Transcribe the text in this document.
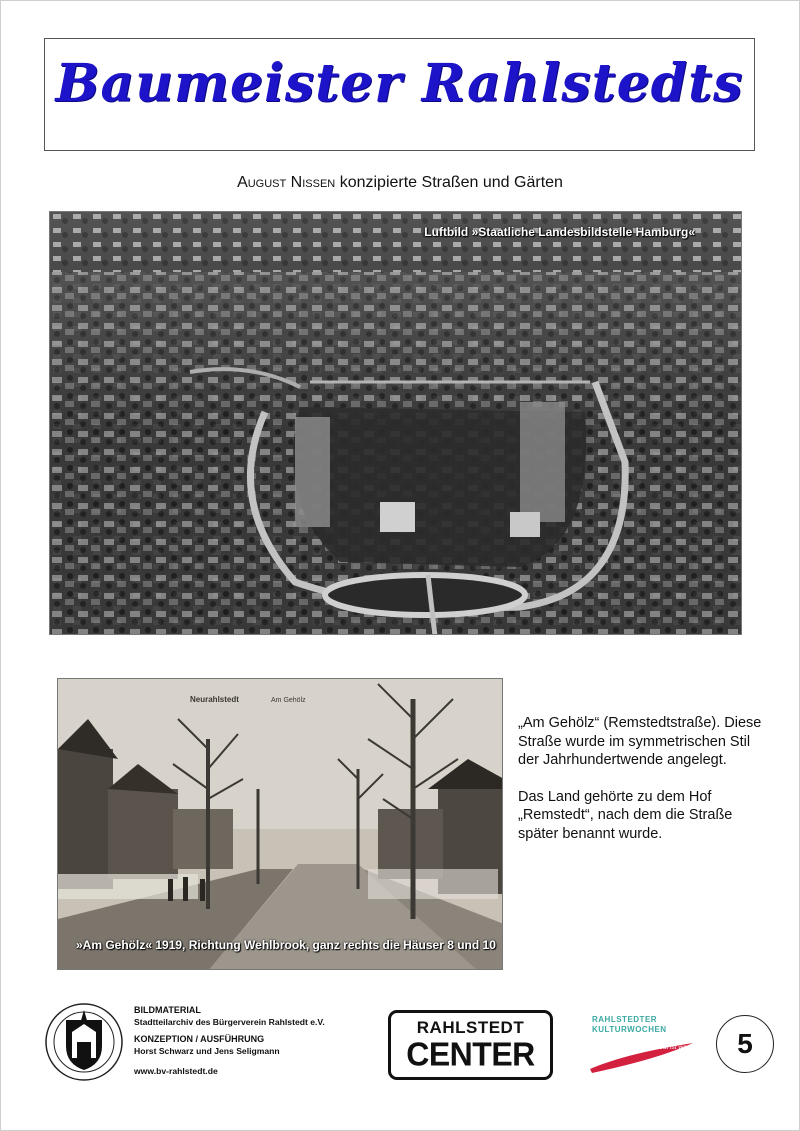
Baumeister Rahlstedts
August Nissen konzipierte Straßen und Gärten
Luftbild »Staatliche Landesbildstelle Hamburg«
Neurahlstedt	Am Gehölz
»Am Gehölz« 1919, Richtung Wehlbrook, ganz rechts die Häuser 8 und 10

„Am Gehölz“ (Remstedtstraße). Diese Straße wurde im symmetrischen Stil der Jahrhundertwende angelegt.

Das Land gehörte zu dem Hof „Remstedt“, nach dem die Straße später benannt wurde.

BILDMATERIAL
Stadtteilarchiv des Bürgerverein Rahlstedt e.V.
KONZEPTION / AUSFÜHRUNG
Horst Schwarz und Jens Seligmann
www.bv-rahlstedt.de
RAHLSTEDT
CENTER
RAHLSTEDTER
KULTURWOCHEN
in Rahlstedt ist was los!	5
